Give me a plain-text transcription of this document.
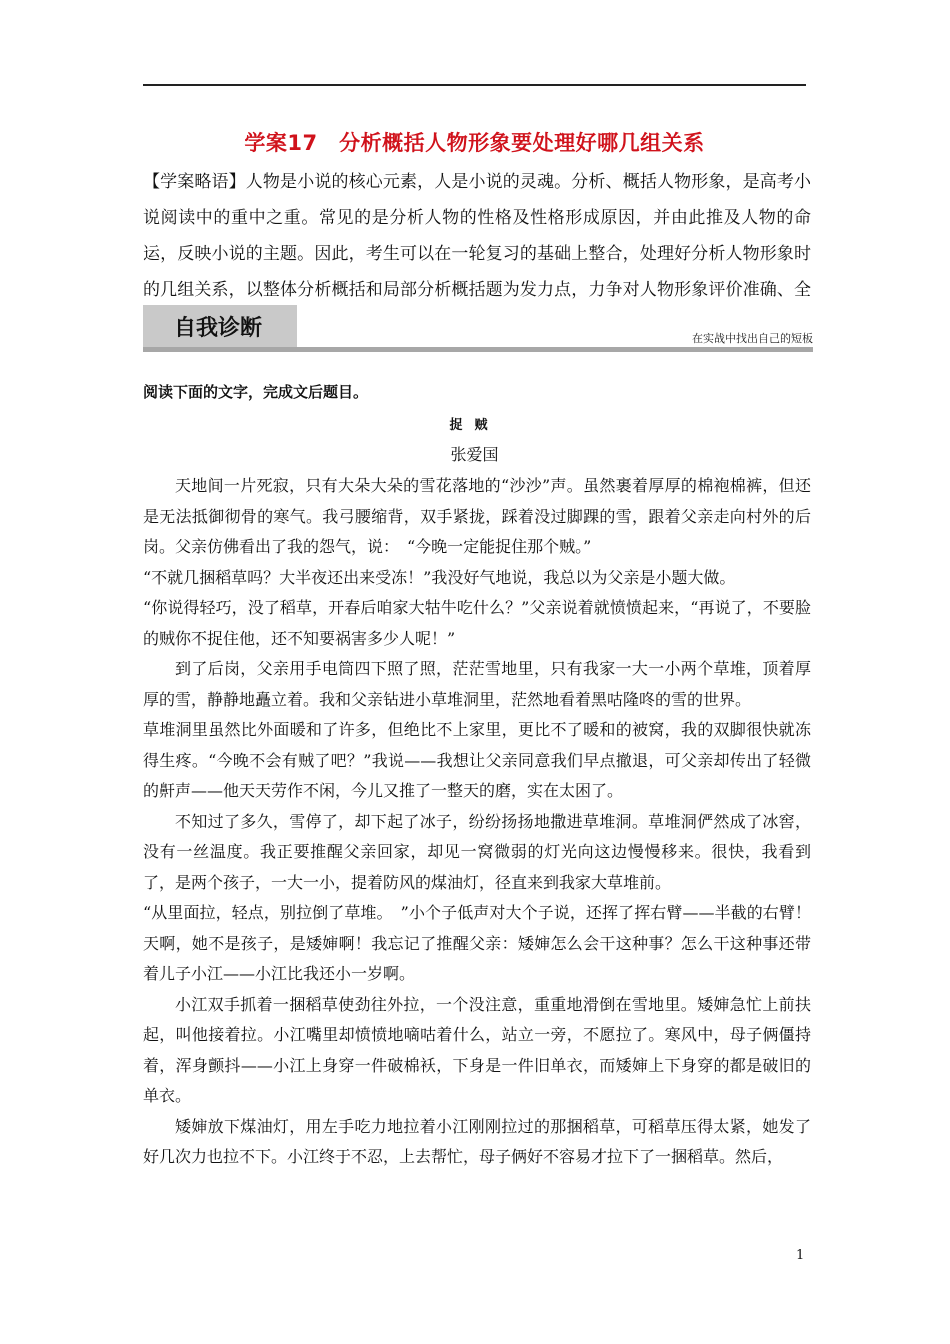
学案17　分析概括人物形象要处理好哪几组关系

【学案略语】人物是小说的核心元素，人是小说的灵魂。分析、概括人物形象，是高考小说阅读中的重中之重。常见的是分析人物的性格及性格形成原因，并由此推及人物的命运，反映小说的主题。因此，考生可以在一轮复习的基础上整合，处理好分析人物形象时的几组关系，以整体分析概括和局部分析概括题为发力点，力争对人物形象评价准确、全

自我诊断	在实战中找出自己的短板

阅读下面的文字，完成文后题目。

捉贼

张爱国

天地间一片死寂，只有大朵大朵的雪花落地的“沙沙”声。虽然裹着厚厚的棉袍棉裤，但还是无法抵御彻骨的寒气。我弓腰缩背，双手紧拢，踩着没过脚踝的雪，跟着父亲走向村外的后岗。父亲仿佛看出了我的怨气，说：　“今晚一定能捉住那个贼。”

“不就几捆稻草吗？大半夜还出来受冻！”我没好气地说，我总以为父亲是小题大做。

“你说得轻巧，没了稻草，开春后咱家大牯牛吃什么？”父亲说着就愤愤起来，“再说了，不要脸的贼你不捉住他，还不知要祸害多少人呢！”

到了后岗，父亲用手电筒四下照了照，茫茫雪地里，只有我家一大一小两个草堆，顶着厚厚的雪，静静地矗立着。我和父亲钻进小草堆洞里，茫然地看着黑咕隆咚的雪的世界。

草堆洞里虽然比外面暖和了许多，但绝比不上家里，更比不了暖和的被窝，我的双脚很快就冻得生疼。“今晚不会有贼了吧？”我说——我想让父亲同意我们早点撤退，可父亲却传出了轻微的鼾声——他天天劳作不闲，今儿又推了一整天的磨，实在太困了。

不知过了多久，雪停了，却下起了冰子，纷纷扬扬地撒进草堆洞。草堆洞俨然成了冰窖，没有一丝温度。我正要推醒父亲回家，却见一窝微弱的灯光向这边慢慢移来。很快，我看到了，是两个孩子，一大一小，提着防风的煤油灯，径直来到我家大草堆前。

“从里面拉，轻点，别拉倒了草堆。　”小个子低声对大个子说，还挥了挥右臂——半截的右臂！天啊，她不是孩子，是矮婶啊！我忘记了推醒父亲：矮婶怎么会干这种事？怎么干这种事还带着儿子小江——小江比我还小一岁啊。

小江双手抓着一捆稻草使劲往外拉，一个没注意，重重地滑倒在雪地里。矮婶急忙上前扶起，叫他接着拉。小江嘴里却愤愤地嘀咕着什么，站立一旁，不愿拉了。寒风中，母子俩僵持着，浑身颤抖——小江上身穿一件破棉袄，下身是一件旧单衣，而矮婶上下身穿的都是破旧的单衣。

矮婶放下煤油灯，用左手吃力地拉着小江刚刚拉过的那捆稻草，可稻草压得太紧，她发了好几次力也拉不下。小江终于不忍，上去帮忙，母子俩好不容易才拉下了一捆稻草。然后，

1
